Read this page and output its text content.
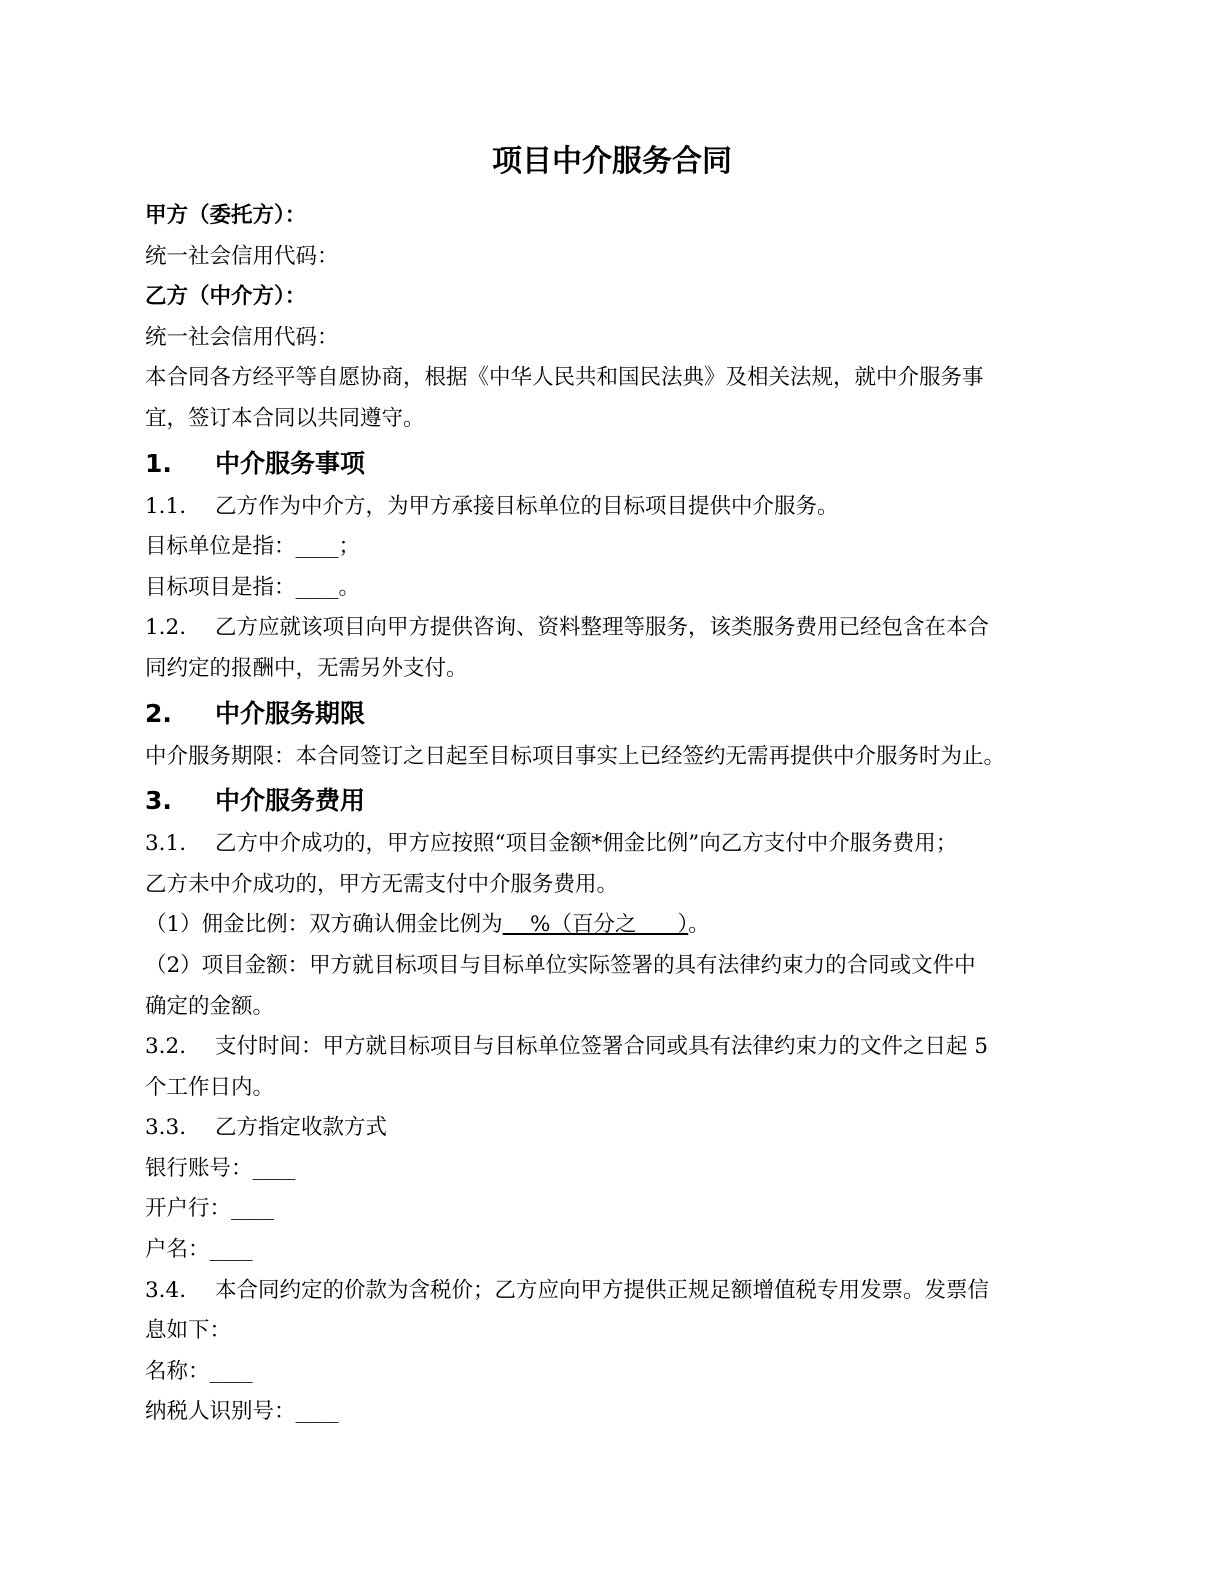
项目中介服务合同
甲方（委托方）：
统一社会信用代码：
乙方（中介方）：
统一社会信用代码：
本合同各方经平等自愿协商，根据《中华人民共和国民法典》及相关法规，就中介服务事
宜，签订本合同以共同遵守。
1. 中介服务事项
1.1. 乙方作为中介方，为甲方承接目标单位的目标项目提供中介服务。
目标单位是指：____；
目标项目是指：____。
1.2. 乙方应就该项目向甲方提供咨询、资料整理等服务，该类服务费用已经包含在本合
同约定的报酬中，无需另外支付。
2. 中介服务期限
中介服务期限：本合同签订之日起至目标项目事实上已经签约无需再提供中介服务时为止。
3. 中介服务费用
3.1. 乙方中介成功的，甲方应按照“项目金额*佣金比例”向乙方支付中介服务费用；
乙方未中介成功的，甲方无需支付中介服务费用。
（1）佣金比例：双方确认佣金比例为    %（百分之      ）。
（2）项目金额：甲方就目标项目与目标单位实际签署的具有法律约束力的合同或文件中
确定的金额。
3.2. 支付时间：甲方就目标项目与目标单位签署合同或具有法律约束力的文件之日起 5
个工作日内。
3.3. 乙方指定收款方式
银行账号：____
开户行：____
户名：____
3.4. 本合同约定的价款为含税价；乙方应向甲方提供正规足额增值税专用发票。发票信
息如下：
名称：____
纳税人识别号：____
